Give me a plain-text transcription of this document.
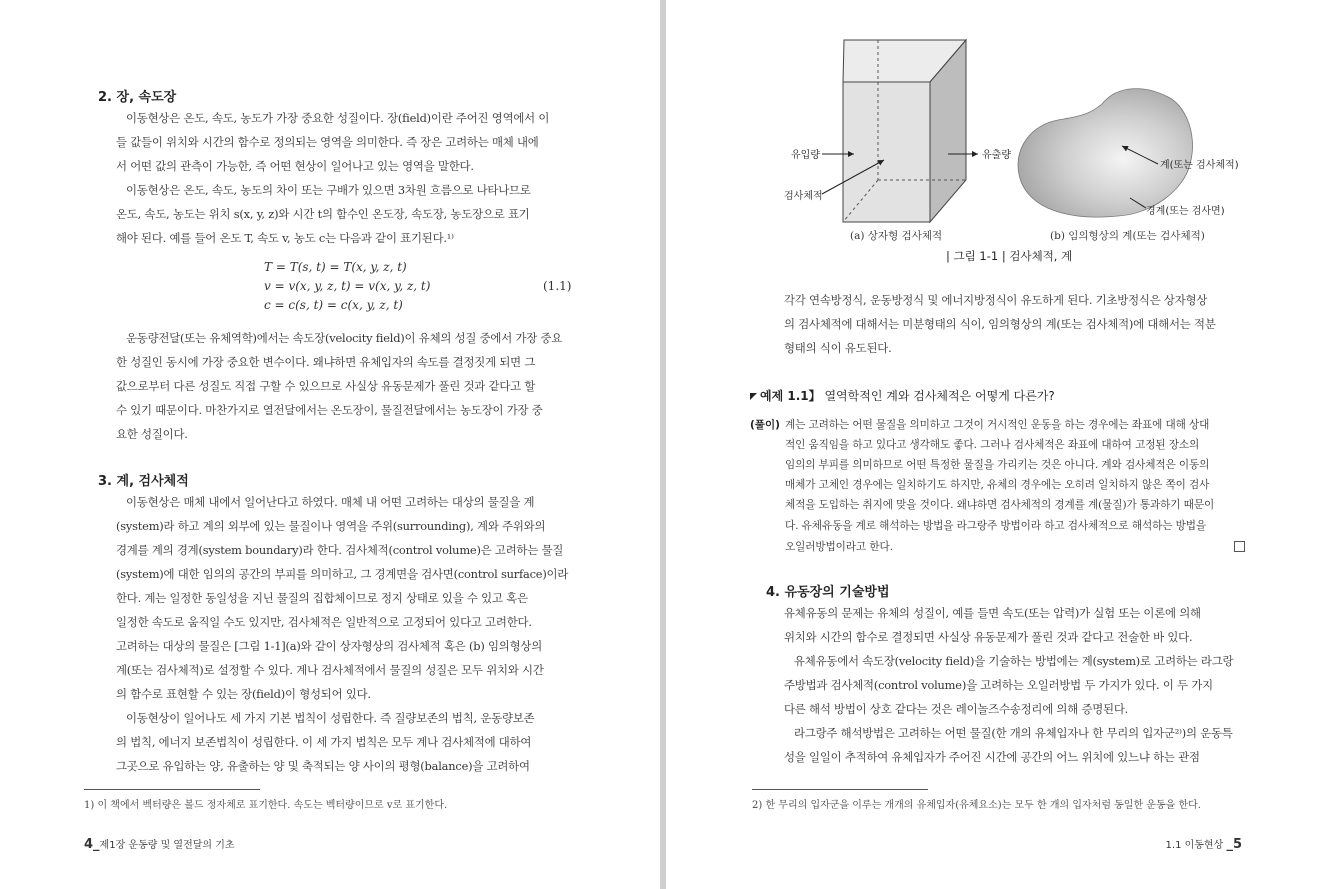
2. 장, 속도장
이동현상은 온도, 속도, 농도가 가장 중요한 성질이다. 장(field)이란 주어진 영역에서 이
들 값들이 위치와 시간의 함수로 정의되는 영역을 의미한다. 즉 장은 고려하는 매체 내에
서 어떤 값의 관측이 가능한, 즉 어떤 현상이 일어나고 있는 영역을 말한다.
이동현상은 온도, 속도, 농도의 차이 또는 구배가 있으면 3차원 흐름으로 나타나므로
온도, 속도, 농도는 위치 s(x, y, z)와 시간 t의 함수인 온도장, 속도장, 농도장으로 표기
해야 된다. 예를 들어 온도 T, 속도 v, 농도 c는 다음과 같이 표기된다.¹⁾
T = T(s, t) = T(x, y, z, t)
v = v(x, y, z, t) = v(x, y, z, t)
c = c(s, t) = c(x, y, z, t)
(1.1)
운동량전달(또는 유체역학)에서는 속도장(velocity field)이 유체의 성질 중에서 가장 중요
한 성질인 동시에 가장 중요한 변수이다. 왜냐하면 유체입자의 속도를 결정짓게 되면 그
값으로부터 다른 성질도 직접 구할 수 있으므로 사실상 유동문제가 풀린 것과 같다고 할
수 있기 때문이다. 마찬가지로 열전달에서는 온도장이, 물질전달에서는 농도장이 가장 중
요한 성질이다.
3. 계, 검사체적
이동현상은 매체 내에서 일어난다고 하였다. 매체 내 어떤 고려하는 대상의 물질을 계
(system)라 하고 계의 외부에 있는 물질이나 영역을 주위(surrounding), 계와 주위와의
경계를 계의 경계(system boundary)라 한다. 검사체적(control volume)은 고려하는 물질
(system)에 대한 임의의 공간의 부피를 의미하고, 그 경계면을 검사면(control surface)이라
한다. 계는 일정한 동일성을 지닌 물질의 집합체이므로 정지 상태로 있을 수 있고 혹은
일정한 속도로 움직일 수도 있지만, 검사체적은 일반적으로 고정되어 있다고 고려한다.
고려하는 대상의 물질은 [그림 1-1](a)와 같이 상자형상의 검사체적 혹은 (b) 임의형상의
계(또는 검사체적)로 설정할 수 있다. 계나 검사체적에서 물질의 성질은 모두 위치와 시간
의 함수로 표현할 수 있는 장(field)이 형성되어 있다.
이동현상이 일어나도 세 가지 기본 법칙이 성립한다. 즉 질량보존의 법칙, 운동량보존
의 법칙, 에너지 보존법칙이 성립한다. 이 세 가지 법칙은 모두 계나 검사체적에 대하여
그곳으로 유입하는 양, 유출하는 양 및 축적되는 양 사이의 평형(balance)을 고려하여
1) 이 책에서 벡터량은 볼드 정자체로 표기한다. 속도는 벡터량이므로 v로 표기한다.
4_제1장 운동량 및 열전달의 기초
유입량	유출량
검사체적
계(또는 검사체적)
경계(또는 검사면)
(a) 상자형 검사체적	(b) 임의형상의 계(또는 검사체적)
| 그림 1-1 | 검사체적, 계
각각 연속방정식, 운동방정식 및 에너지방정식이 유도하게 된다. 기초방정식은 상자형상
의 검사체적에 대해서는 미분형태의 식이, 임의형상의 계(또는 검사체적)에 대해서는 적분
형태의 식이 유도된다.
예제 1.1】 열역학적인 계와 검사체적은 어떻게 다른가?
(풀이) 계는 고려하는 어떤 물질을 의미하고 그것이 거시적인 운동을 하는 경우에는 좌표에 대해 상대
적인 움직임을 하고 있다고 생각해도 좋다. 그러나 검사체적은 좌표에 대하여 고정된 장소의
임의의 부피를 의미하므로 어떤 특정한 물질을 가리키는 것은 아니다. 계와 검사체적은 이동의
매체가 고체인 경우에는 일치하기도 하지만, 유체의 경우에는 오히려 일치하지 않은 쪽이 검사
체적을 도입하는 취지에 맞을 것이다. 왜냐하면 검사체적의 경계를 계(물질)가 통과하기 때문이
다. 유체유동을 계로 해석하는 방법을 라그랑주 방법이라 하고 검사체적으로 해석하는 방법을
오일러방법이라고 한다.
4. 유동장의 기술방법
유체유동의 문제는 유체의 성질이, 예를 들면 속도(또는 압력)가 실험 또는 이론에 의해
위치와 시간의 함수로 결정되면 사실상 유동문제가 풀린 것과 같다고 전술한 바 있다.
유체유동에서 속도장(velocity field)을 기술하는 방법에는 계(system)로 고려하는 라그랑
주방법과 검사체적(control volume)을 고려하는 오일러방법 두 가지가 있다. 이 두 가지
다른 해석 방법이 상호 같다는 것은 레이놀즈수송정리에 의해 증명된다.
라그랑주 해석방법은 고려하는 어떤 물질(한 개의 유체입자나 한 무리의 입자군²⁾)의 운동특
성을 일일이 추적하여 유체입자가 주어진 시간에 공간의 어느 위치에 있느냐 하는 관점
2) 한 무리의 입자군을 이루는 개개의 유체입자(유체요소)는 모두 한 개의 입자처럼 동일한 운동을 한다.
1.1 이동현상 _5
